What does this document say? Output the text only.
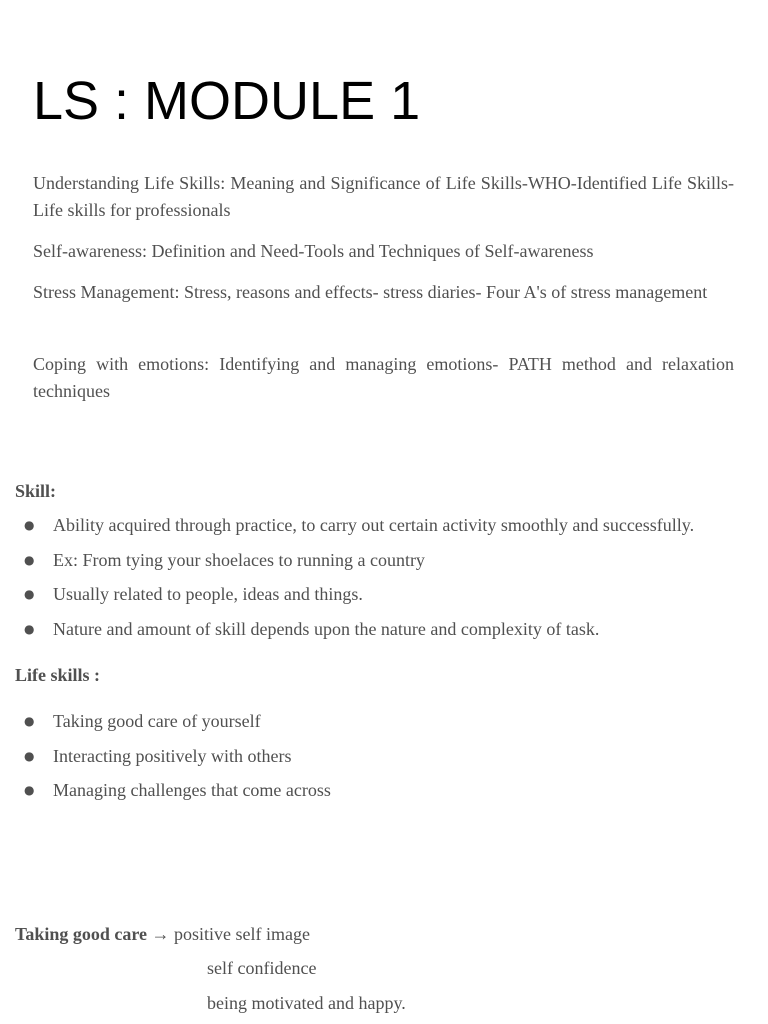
LS : MODULE 1

Understanding Life Skills: Meaning and Significance of Life Skills-WHO-Identified Life Skills- Life skills for professionals

Self-awareness: Definition and Need-Tools and Techniques of Self-awareness

Stress Management: Stress, reasons and effects- stress diaries- Four A's of stress management

Coping with emotions: Identifying and managing emotions- PATH method and relaxation techniques

Skill:
● Ability acquired through practice, to carry out certain activity smoothly and successfully.
● Ex: From tying your shoelaces to running a country
● Usually related to people, ideas and things.
● Nature and amount of skill depends upon the nature and complexity of task.
Life skills :
● Taking good care of yourself
● Interacting positively with others
● Managing challenges that come across

Taking good care → positive self image

self confidence

being motivated and happy.
